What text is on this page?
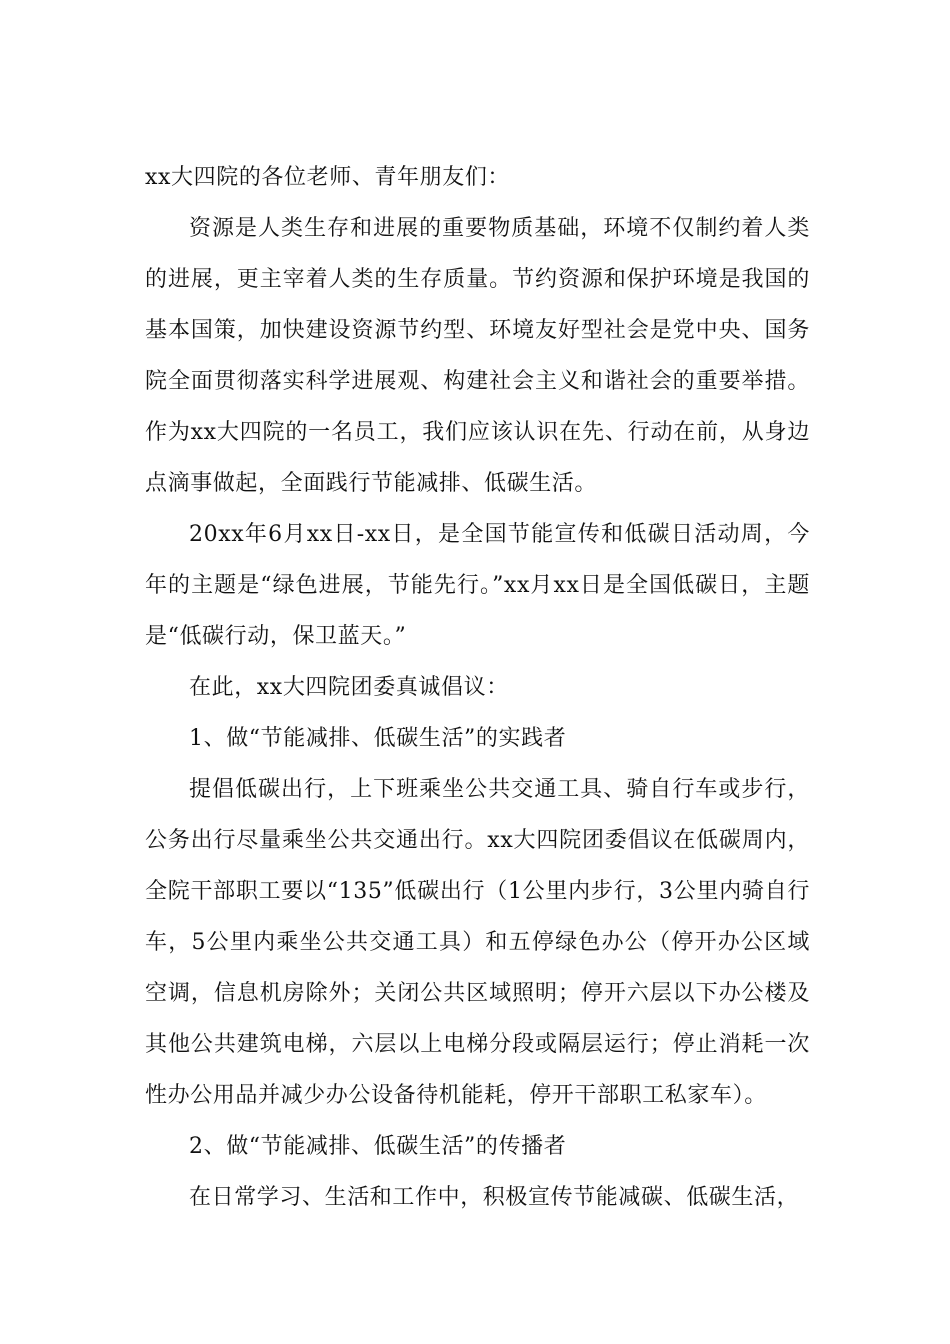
xx大四院的各位老师、青年朋友们：

资源是人类生存和进展的重要物质基础，环境不仅制约着人类的进展，更主宰着人类的生存质量。节约资源和保护环境是我国的基本国策，加快建设资源节约型、环境友好型社会是党中央、国务院全面贯彻落实科学进展观、构建社会主义和谐社会的重要举措。作为xx大四院的一名员工，我们应该认识在先、行动在前，从身边点滴事做起，全面践行节能减排、低碳生活。

20xx年6月xx日-xx日，是全国节能宣传和低碳日活动周，今年的主题是“绿色进展，节能先行。”xx月xx日是全国低碳日，主题是“低碳行动，保卫蓝天。”

在此，xx大四院团委真诚倡议：

1、做“节能减排、低碳生活”的实践者

提倡低碳出行，上下班乘坐公共交通工具、骑自行车或步行，公务出行尽量乘坐公共交通出行。xx大四院团委倡议在低碳周内，全院干部职工要以“135”低碳出行（1公里内步行，3公里内骑自行车，5公里内乘坐公共交通工具）和五停绿色办公（停开办公区域空调，信息机房除外；关闭公共区域照明；停开六层以下办公楼及其他公共建筑电梯，六层以上电梯分段或隔层运行；停止消耗一次性办公用品并减少办公设备待机能耗，停开干部职工私家车）。

2、做“节能减排、低碳生活”的传播者

在日常学习、生活和工作中，积极宣传节能减碳、低碳生活，
